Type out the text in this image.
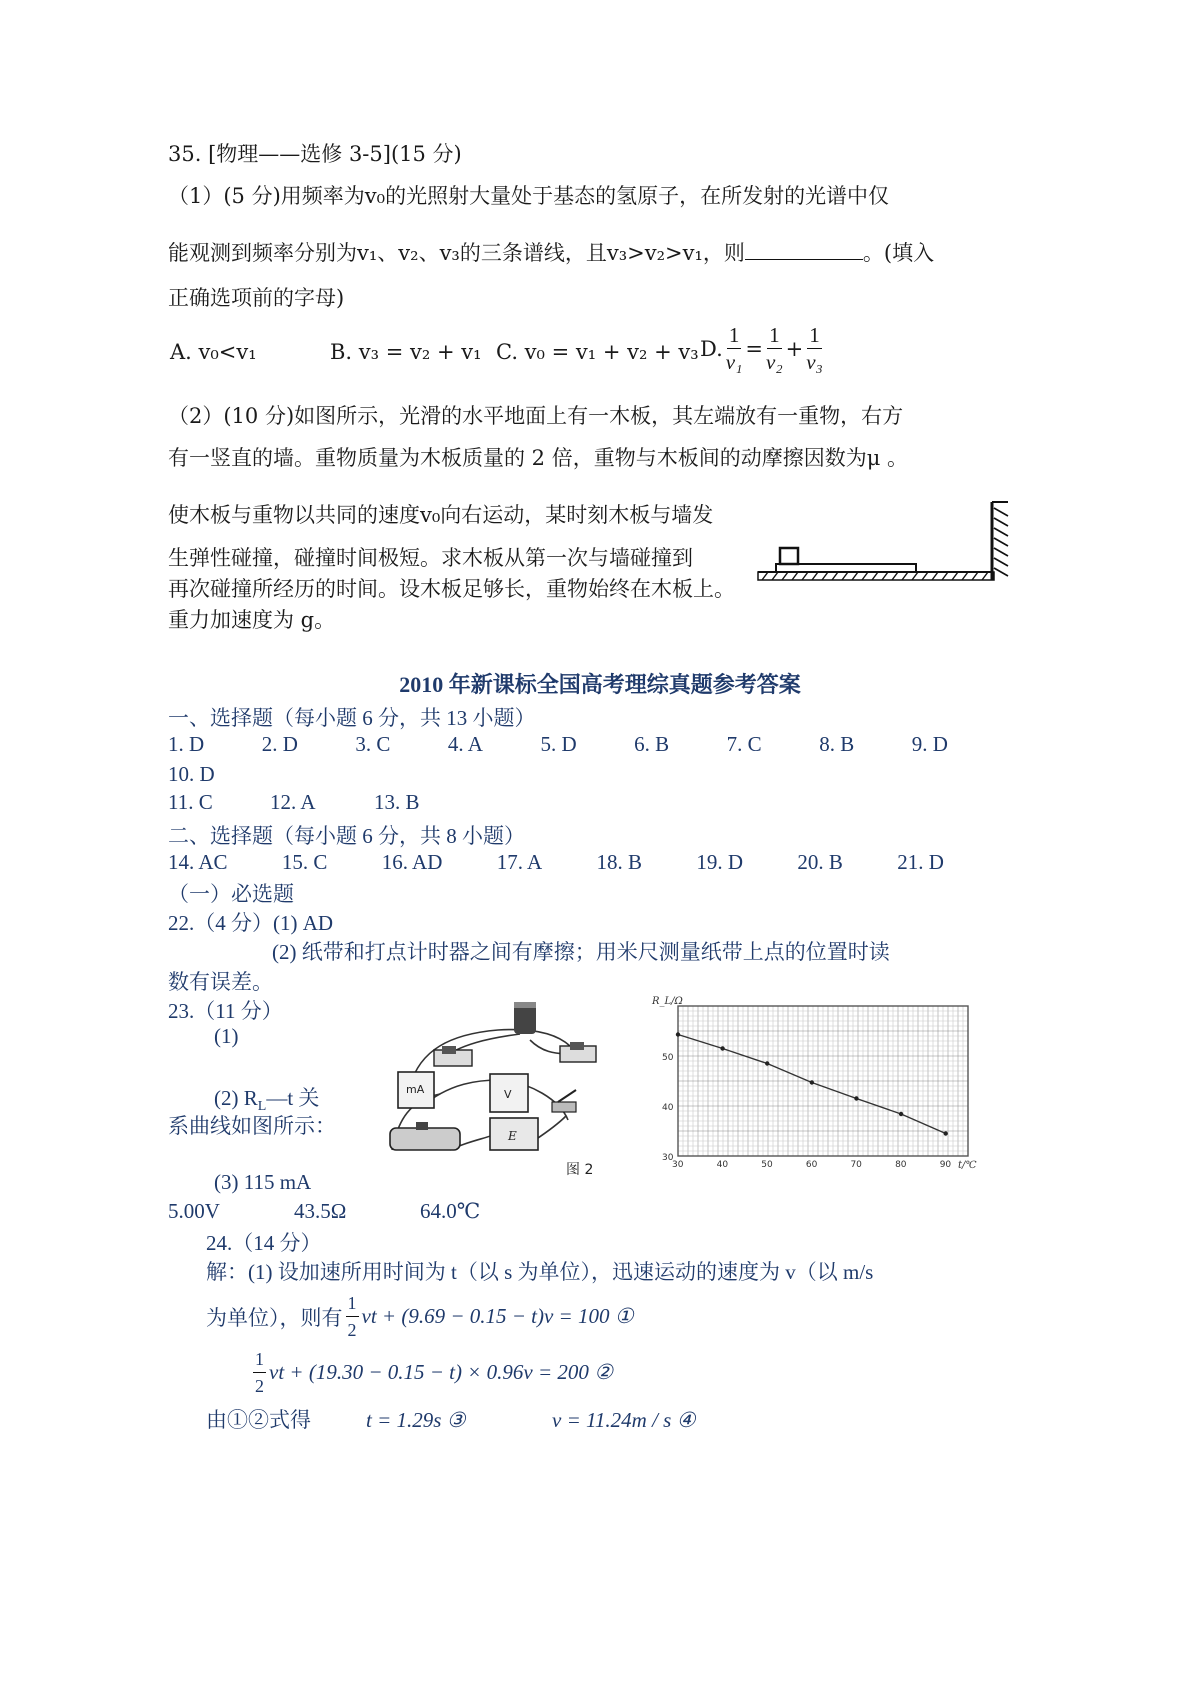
35. [物理——选修 3-5](15 分)
（1）(5 分)用频率为v₀的光照射大量处于基态的氢原子，在所发射的光谱中仅
能观测到频率分别为v₁、v₂、v₃的三条谱线，且v₃>v₂>v₁，则	。(填入
正确选项前的字母)
A. v₀<v₁	B. v₃ = v₂ + v₁ C. v₀ = v₁ + v₂ + v₃ D. $\frac{1}{\text{v₁}} = \frac{1}{\text{v₂}} + \frac{1}{\text{v₃}}$
（2）(10 分)如图所示，光滑的水平地面上有一木板，其左端放有一重物，右方
有一竖直的墙。重物质量为木板质量的 2 倍，重物与木板间的动摩擦因数为μ 。
使木板与重物以共同的速度v₀向右运动，某时刻木板与墙发
生弹性碰撞，碰撞时间极短。求木板从第一次与墙碰撞到
再次碰撞所经历的时间。设木板足够长，重物始终在木板上。
重力加速度为 g。
2010 年新课标全国高考理综真题参考答案
一、选择题（每小题 6 分，共 13 小题）
1. D	2. D	3. C	4. A	5. D	6. B	7. C	8. B	9. D
10. D
11. C	12. A	13. B
二、选择题（每小题 6 分，共 8 小题）
14. AC	15. C	16. AD	17. A	18. B	19. D	20. B	21. D
（一）必选题
22.（4 分）(1) AD
(2) 纸带和打点计时器之间有摩擦；用米尺测量纸带上点的位置时读
数有误差。
23.（11 分）
(1)
(2) $R_L—t$ 关
系曲线如图所示：
mA	V
E
图 2
R_L/Ω
t/℃
30	40	50	60	70	80	90
50
40
30
(3) 115 mA
5.00V	43.5Ω	64.0℃
24.（14 分）
解：(1) 设加速所用时间为 t（以 s 为单位），迅速运动的速度为 v（以 m/s
为单位），则有 $\frac{1}{2}$ vt + (9.69 − 0.15 − t)v = 100 ①
$\frac{1}{2}$ vt + (19.30 − 0.15 − t) × 0.96v = 200 ②
由①②式得	t = 1.29s ③	v = 11.24m / s ④
